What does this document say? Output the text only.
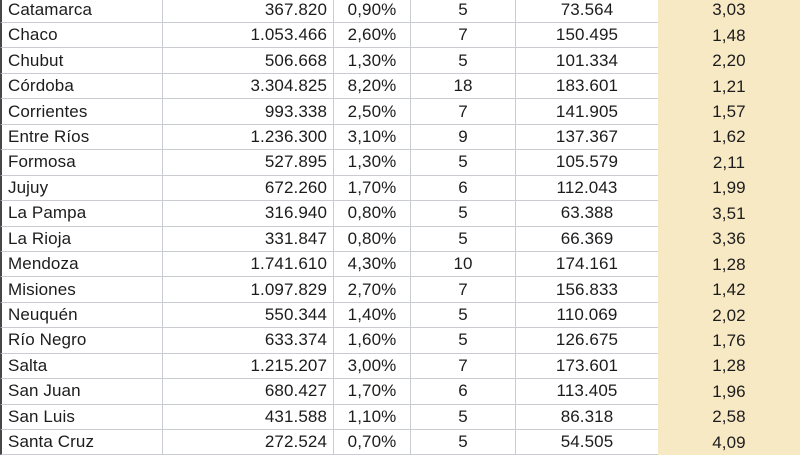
Catamarca	367.820	0,90%	5	73.564	3,03
Chaco	1.053.466	2,60%	7	150.495	1,48
Chubut	506.668	1,30%	5	101.334	2,20
Córdoba	3.304.825	8,20%	18	183.601	1,21
Corrientes	993.338	2,50%	7	141.905	1,57
Entre Ríos	1.236.300	3,10%	9	137.367	1,62
Formosa	527.895	1,30%	5	105.579	2,11
Jujuy	672.260	1,70%	6	112.043	1,99
La Pampa	316.940	0,80%	5	63.388	3,51
La Rioja	331.847	0,80%	5	66.369	3,36
Mendoza	1.741.610	4,30%	10	174.161	1,28
Misiones	1.097.829	2,70%	7	156.833	1,42
Neuquén	550.344	1,40%	5	110.069	2,02
Río Negro	633.374	1,60%	5	126.675	1,76
Salta	1.215.207	3,00%	7	173.601	1,28
San Juan	680.427	1,70%	6	113.405	1,96
San Luis	431.588	1,10%	5	86.318	2,58
Santa Cruz	272.524	0,70%	5	54.505	4,09
